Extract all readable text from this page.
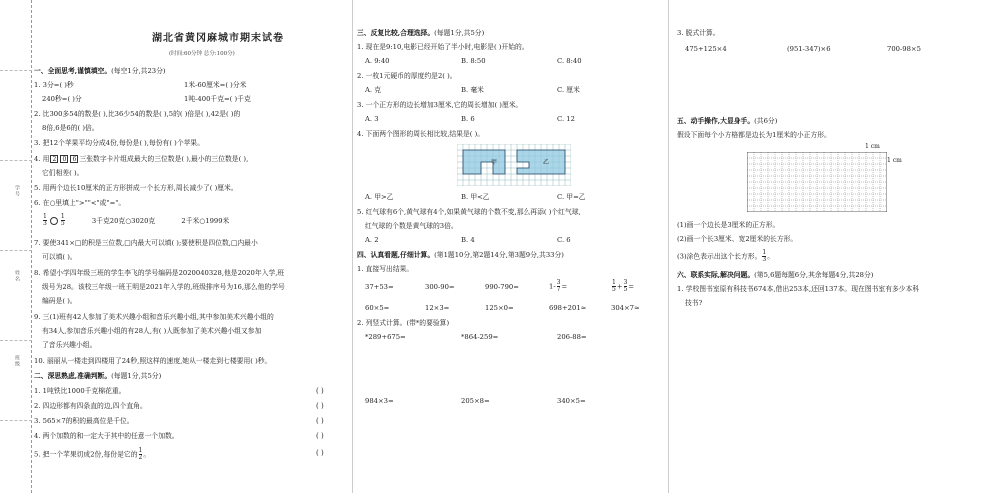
学号
姓名
班级
湖北省黄冈麻城市期末试卷
(时间:60分钟 总分:100分)
一、全面思考,谨慎填空。(每空1分,共23分)
1. 3分=( )秒	1米-60厘米=( )分米
240秒=( )分	1吨-400千克=( )千克
2. 比300多54的数是( ),比36少54的数是( ),5的( )倍是( ),42是( )的
8倍,6是6的( )倍。
3. 把12个苹果平均分成4份,每份是( ),每份有( )个苹果。
4. 用 2 0 6 三张数字卡片组成最大的三位数是( ),最小的三位数是( ),
它们相差( )。
5. 用两个边长10厘米的正方形拼成一个长方形,周长减少了( )厘米。
6. 在○里填上">""<"或"="。
$\frac{1}{3} \frac{1}{5}$	3千克20克○3020克	2千米○1999米
7. 要使341×□的积是三位数,□内最大可以填( );要使积是四位数,□内最小
可以填( )。
8. 希望小学四年级三班的学生李飞的学号编码是2020040328,他是2020年入学,班
级号为28。该校三年级一班王明是2021年入学的,班级排序号为16,那么他的学号
编码是( )。
9. 三(1)班有42人参加了美术兴趣小组和音乐兴趣小组,其中参加美术兴趣小组的
有34人,参加音乐兴趣小组的有28人,有( )人既参加了美术兴趣小组又参加
了音乐兴趣小组。
10. 丽丽从一楼走到四楼用了24秒,照这样的速度,她从一楼走到七楼要用( )秒。
二、深思熟虑,准确判断。(每题1分,共5分)
1. 1吨铁比1000千克棉花重。	( )
2. 四边形都有四条直的边,四个直角。	( )
3. 565×7的积的最高位是千位。	( )
4. 两个加数的和一定大于其中的任意一个加数。	( )
5. 把一个苹果切成2份,每份是它的 $\frac{1}{2}$ 。	( )
三、反复比较,合理选择。(每题1分,共5分)
1. 现在是9:10,电影已经开始了半小时,电影是( )开始的。
A. 9:40	B. 8:50	C. 8:40
2. 一枚1元硬币的厚度约是2( )。
A. 克	B. 毫米	C. 厘米
3. 一个正方形的边长增加3厘米,它的周长增加( )厘米。
A. 3	B. 6	C. 12
4. 下面两个图形的周长相比较,结果是( )。
甲	乙
A. 甲>乙	B. 甲<乙	C. 甲=乙
5. 红气球有6个,黄气球有4个,如果黄气球的个数不变,那么再添( )个红气球,
红气球的个数是黄气球的3倍。
A. 2	B. 4	C. 6
四、认真看题,仔细计算。(第1题10分,第2题14分,第3题9分,共33分)
1. 直接写出结果。
37+53=	300-90=	990-790=	$1- \frac{3}{7}$ =	$\frac{1}{5} + \frac{3}{5}$ =
60×5=	12×3=	125×0=	698+201≈	304×7≈
2. 列竖式计算。(带*的要验算)
*289+675=	*864-259=	206-88=
984×3=	205×8=	340×5=
3. 脱式计算。
475+125×4	(951-347)×6	700-98×5
五、动手操作,大显身手。(共6分)
假设下面每个小方格都是边长为1厘米的小正方形。
1 cm
1 cm
(1)画一个边长是3厘米的正方形。
(2)画一个长3厘米、宽2厘米的长方形。
(3)涂色表示出这个长方形。 $\frac{1}{3}$ 。
六、联系实际,解决问题。(第5,6题每题6分,其余每题4分,共28分)
1. 学校图书室原有科技书674本,借出253本,还回137本。现在图书室有多少本科
技书?
